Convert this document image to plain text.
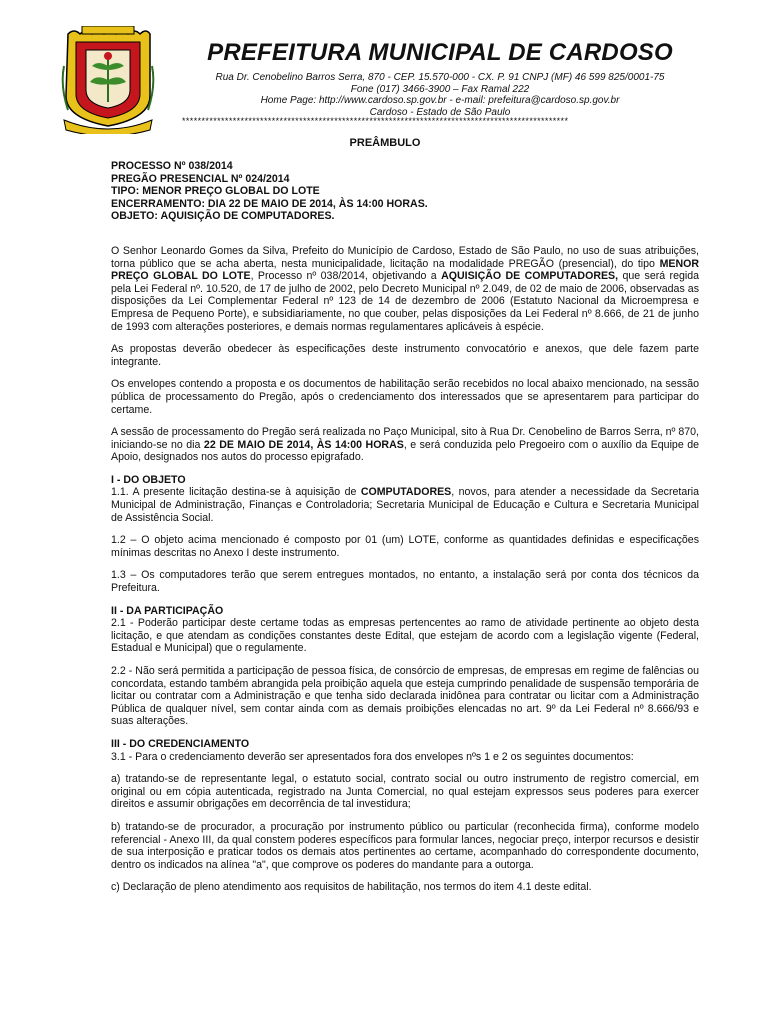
PREFEITURA MUNICIPAL DE CARDOSO
Rua Dr. Cenobelino Barros Serra, 870 - CEP. 15.570-000 - CX. P. 91 CNPJ (MF) 46 599 825/0001-75
Fone (017) 3466-3900 – Fax Ramal 222
Home Page: http://www.cardoso.sp.gov.br - e-mail: prefeitura@cardoso.sp.gov.br
Cardoso - Estado de São Paulo
***************************************************************************************************
PREÂMBULO
PROCESSO Nº 038/2014
PREGÃO PRESENCIAL Nº 024/2014
TIPO: MENOR PREÇO GLOBAL DO LOTE
ENCERRAMENTO: DIA 22 DE MAIO DE 2014, ÀS 14:00 HORAS.
OBJETO: AQUISIÇÃO DE COMPUTADORES.

O Senhor Leonardo Gomes da Silva, Prefeito do Município de Cardoso, Estado de São Paulo, no uso de suas atribuições, torna público que se acha aberta, nesta municipalidade, licitação na modalidade PREGÃO (presencial), do tipo MENOR PREÇO GLOBAL DO LOTE, Processo nº 038/2014, objetivando a AQUISIÇÃO DE COMPUTADORES, que será regida pela Lei Federal nº. 10.520, de 17 de julho de 2002, pelo Decreto Municipal nº 2.049, de 02 de maio de 2006, observadas as disposições da Lei Complementar Federal nº 123 de 14 de dezembro de 2006 (Estatuto Nacional da Microempresa e Empresa de Pequeno Porte), e subsidiariamente, no que couber, pelas disposições da Lei Federal nº 8.666, de 21 de junho de 1993 com alterações posteriores, e demais normas regulamentares aplicáveis à espécie.

As propostas deverão obedecer às especificações deste instrumento convocatório e anexos, que dele fazem parte integrante.

Os envelopes contendo a proposta e os documentos de habilitação serão recebidos no local abaixo mencionado, na sessão pública de processamento do Pregão, após o credenciamento dos interessados que se apresentarem para participar do certame.

A sessão de processamento do Pregão será realizada no Paço Municipal, sito à Rua Dr. Cenobelino de Barros Serra, nº 870, iniciando-se no dia 22 DE MAIO DE 2014, ÀS 14:00 HORAS, e será conduzida pelo Pregoeiro com o auxílio da Equipe de Apoio, designados nos autos do processo epigrafado.

I - DO OBJETO

1.1. A presente licitação destina-se à aquisição de COMPUTADORES, novos, para atender a necessidade da Secretaria Municipal de Administração, Finanças e Controladoria; Secretaria Municipal de Educação e Cultura e Secretaria Municipal de Assistência Social.

1.2 – O objeto acima mencionado é composto por 01 (um) LOTE, conforme as quantidades definidas e especificações mínimas descritas no Anexo I deste instrumento.

1.3 – Os computadores terão que serem entregues montados, no entanto, a instalação será por conta dos técnicos da Prefeitura.

II - DA PARTICIPAÇÃO

2.1 - Poderão participar deste certame todas as empresas pertencentes ao ramo de atividade pertinente ao objeto desta licitação, e que atendam as condições constantes deste Edital, que estejam de acordo com a legislação vigente (Federal, Estadual e Municipal) que o regulamente.

2.2 - Não será permitida a participação de pessoa física, de consórcio de empresas, de empresas em regime de falências ou concordata, estando também abrangida pela proibição aquela que esteja cumprindo penalidade de suspensão temporária de licitar ou contratar com a Administração e que tenha sido declarada inidônea para contratar ou licitar com a Administração Pública de qualquer nível, sem contar ainda com as demais proibições elencadas no art. 9º da Lei Federal nº 8.666/93 e suas alterações.

III - DO CREDENCIAMENTO

3.1 - Para o credenciamento deverão ser apresentados fora dos envelopes nºs 1 e 2 os seguintes documentos:

a) tratando-se de representante legal, o estatuto social, contrato social ou outro instrumento de registro comercial, em original ou em cópia autenticada, registrado na Junta Comercial, no qual estejam expressos seus poderes para exercer direitos e assumir obrigações em decorrência de tal investidura;

b) tratando-se de procurador, a procuração por instrumento público ou particular (reconhecida firma), conforme modelo referencial - Anexo III, da qual constem poderes específicos para formular lances, negociar preço, interpor recursos e desistir de sua interposição e praticar todos os demais atos pertinentes ao certame, acompanhado do correspondente documento, dentro os indicados na alínea "a", que comprove os poderes do mandante para a outorga.

c) Declaração de pleno atendimento aos requisitos de habilitação, nos termos do item 4.1 deste edital.
